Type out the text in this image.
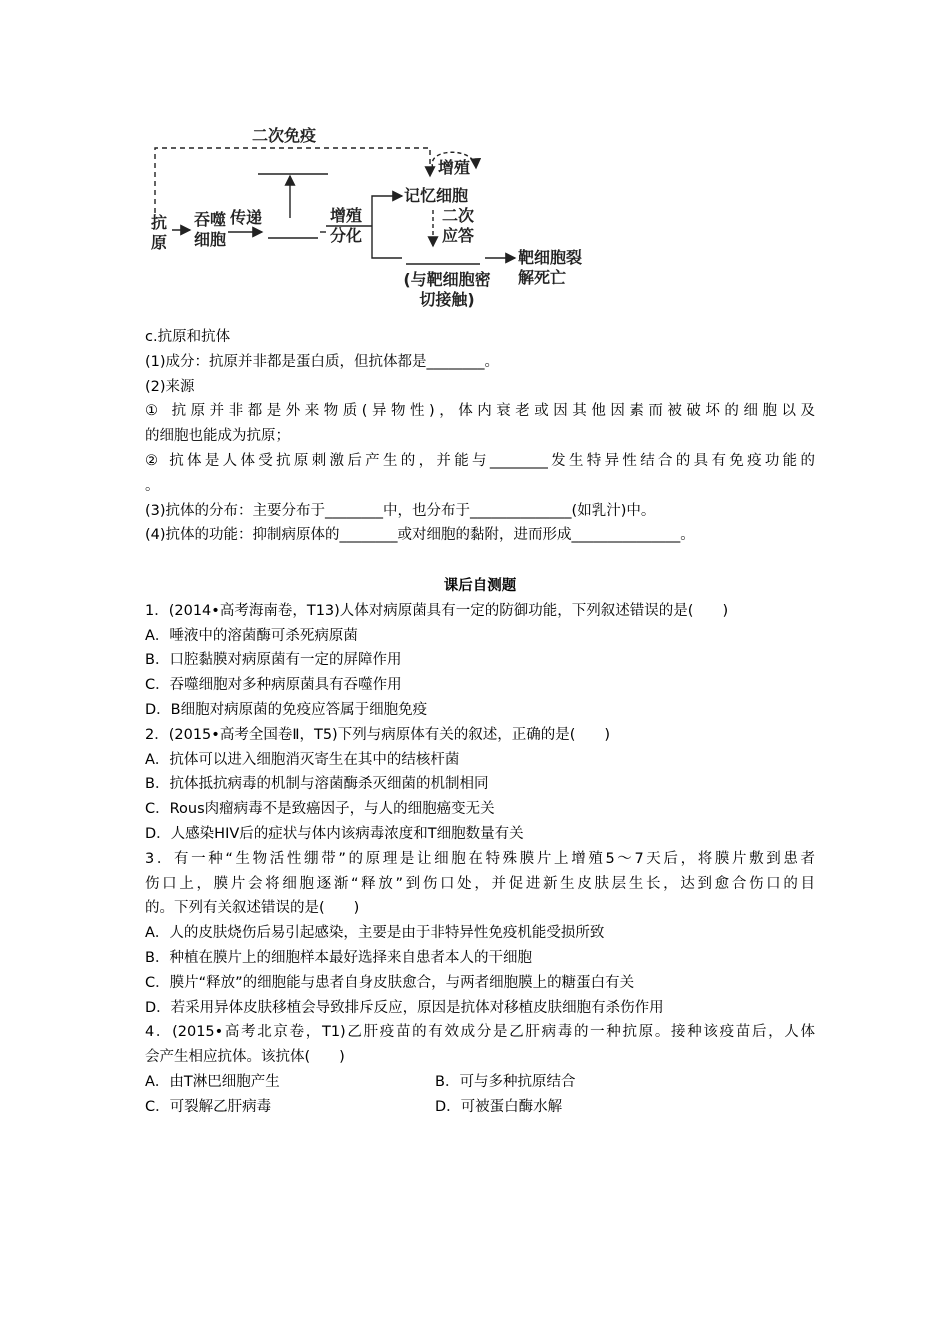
二次免疫
抗原
吞噬细胞
传递	增殖分化
增殖
记忆细胞
二次应答
靶细胞裂解死亡
(与靶细胞密切接触)
c.抗原和抗体
(1)成分：抗原并非都是蛋白质，但抗体都是________。
(2)来源
① 抗原并非都是外来物质(异物性)，体内衰老或因其他因素而被破坏的细胞以及
的细胞也能成为抗原；
② 抗体是人体受抗原刺激后产生的，并能与________发生特异性结合的具有免疫功能的
。
(3)抗体的分布：主要分布于________中，也分布于______________(如乳汁)中。
(4)抗体的功能：抑制病原体的________或对细胞的黏附，进而形成_______________。
课后自测题
1．(2014•高考海南卷，T13)人体对病原菌具有一定的防御功能，下列叙述错误的是(　　)
A．唾液中的溶菌酶可杀死病原菌
B．口腔黏膜对病原菌有一定的屏障作用
C．吞噬细胞对多种病原菌具有吞噬作用
D．B细胞对病原菌的免疫应答属于细胞免疫
2．(2015•高考全国卷Ⅱ，T5)下列与病原体有关的叙述，正确的是(　　)
A．抗体可以进入细胞消灭寄生在其中的结核杆菌
B．抗体抵抗病毒的机制与溶菌酶杀灭细菌的机制相同
C．Rous肉瘤病毒不是致癌因子，与人的细胞癌变无关
D．人感染HIV后的症状与体内该病毒浓度和T细胞数量有关
3．有一种“生物活性绷带”的原理是让细胞在特殊膜片上增殖5～7天后，将膜片敷到患者
伤口上，膜片会将细胞逐渐“释放”到伤口处，并促进新生皮肤层生长，达到愈合伤口的目
的。下列有关叙述错误的是(　　)
A．人的皮肤烧伤后易引起感染，主要是由于非特异性免疫机能受损所致
B．种植在膜片上的细胞样本最好选择来自患者本人的干细胞
C．膜片“释放”的细胞能与患者自身皮肤愈合，与两者细胞膜上的糖蛋白有关
D．若采用异体皮肤移植会导致排斥反应，原因是抗体对移植皮肤细胞有杀伤作用
4．(2015•高考北京卷，T1)乙肝疫苗的有效成分是乙肝病毒的一种抗原。接种该疫苗后，人体
会产生相应抗体。该抗体(　　)
A．由T淋巴细胞产生	B．可与多种抗原结合
C．可裂解乙肝病毒	D．可被蛋白酶水解
